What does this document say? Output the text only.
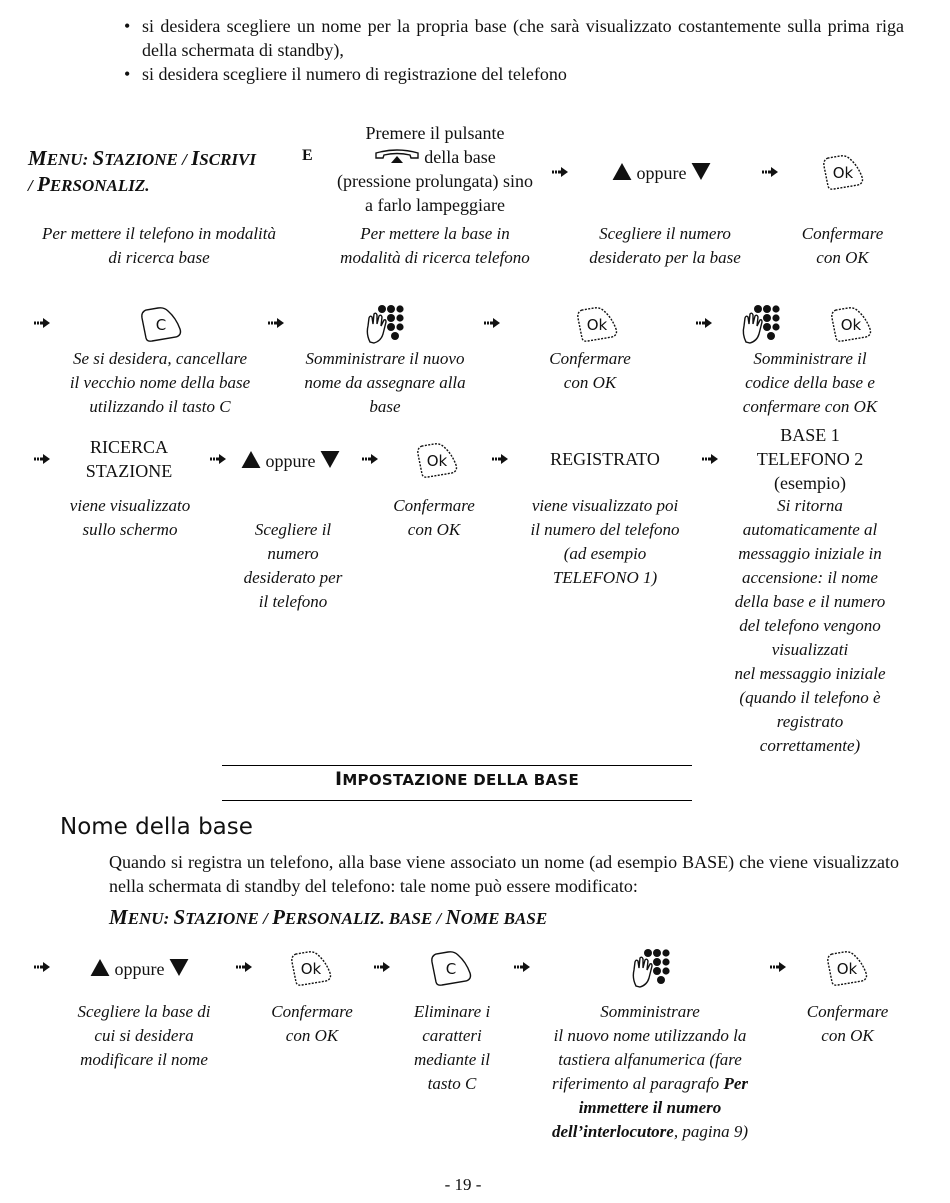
• si desidera scegliere un nome per la propria base (che sarà visualizzato costantemente sulla prima riga della schermata di standby),
• si desidera scegliere il numero di registrazione del telefono
MENU: STAZIONE / ISCRIVI
/ PERSONALIZ.
E
Premere il pulsante
della base
(pressione prolungata) sino
a farlo lampeggiare
oppure
Per mettere il telefono in modalità
di ricerca base
Per mettere la base in
modalità di ricerca telefono
Scegliere il numero
desiderato per la base
Confermare
con OK
Se si desidera, cancellare
il vecchio nome della base
utilizzando il tasto C
Somministrare il nuovo
nome da assegnare alla
base
Confermare
con OK
Somministrare il
codice della base e
confermare con OK
RICERCA
STAZIONE	oppure	REGISTRATO
BASE 1
TELEFONO 2
(esempio)
viene visualizzato
sullo schermo	Scegliere il
numero
desiderato per
il telefono
Confermare
con OK
viene visualizzato poi
il numero del telefono
(ad esempio
TELEFONO 1)
Si ritorna
automaticamente al
messaggio iniziale in
accensione: il nome
della base e il numero
del telefono vengono
visualizzati
nel messaggio iniziale
(quando il telefono è
registrato
correttamente)
IMPOSTAZIONE DELLA BASE
Nome della base
Quando si registra un telefono, alla base viene associato un nome (ad esempio BASE) che viene visualizzato nella schermata di standby del telefono: tale nome può essere modificato:
MENU: STAZIONE / PERSONALIZ. BASE / NOME BASE
oppure
Scegliere la base di
cui si desidera
modificare il nome
Confermare
con OK
Eliminare i
caratteri
mediante il
tasto C
Somministrare
il nuovo nome utilizzando la
tastiera alfanumerica (fare
riferimento al paragrafo Per
immettere il numero
dell’interlocutore, pagina 9)
Confermare
con OK
- 19 -
